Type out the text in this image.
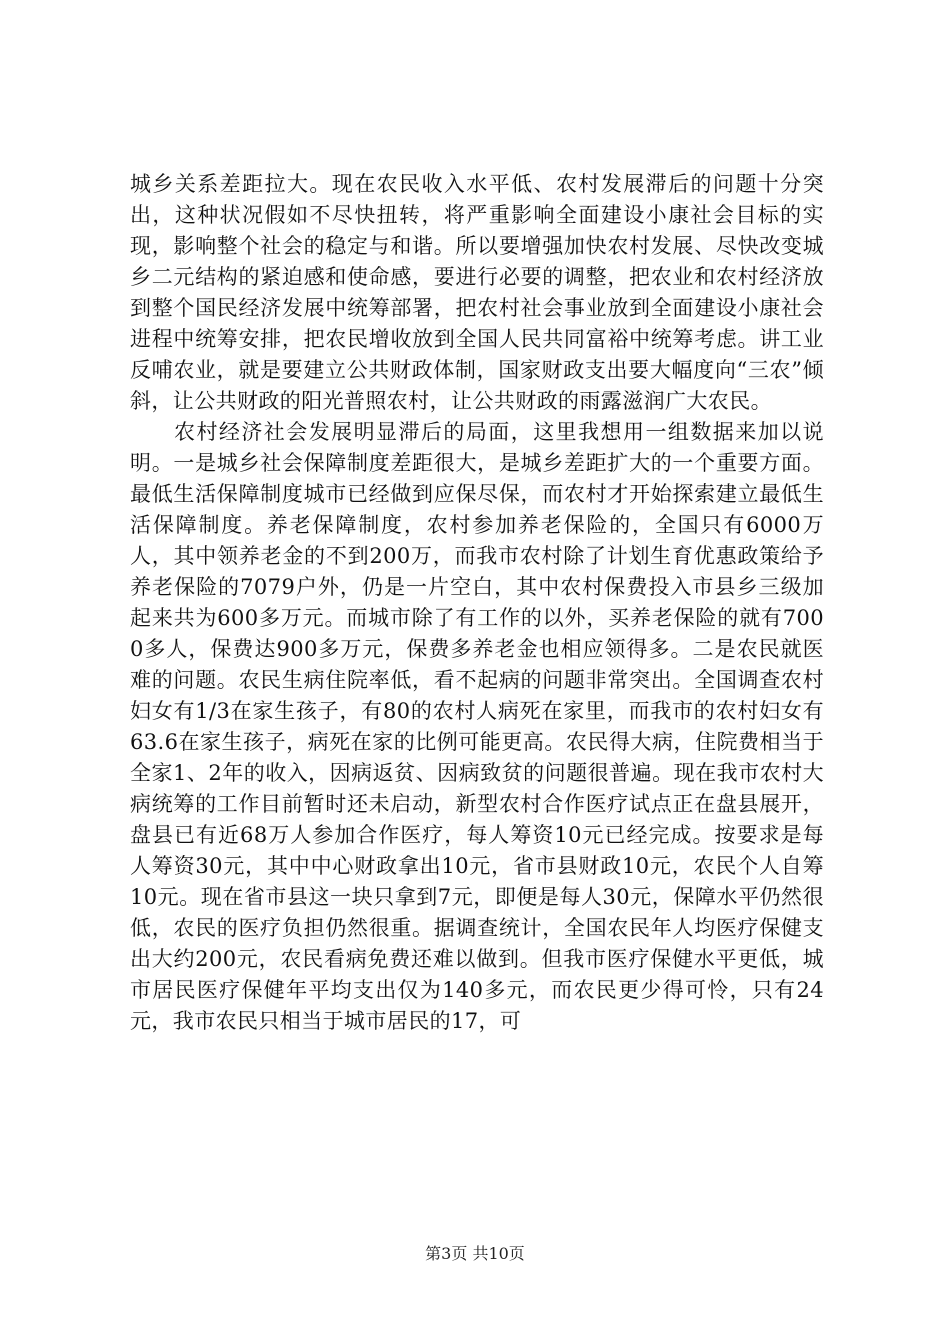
城乡关系差距拉大。现在农民收入水平低、农村发展滞后的问题十分突出，这种状况假如不尽快扭转，将严重影响全面建设小康社会目标的实现，影响整个社会的稳定与和谐。所以要增强加快农村发展、尽快改变城乡二元结构的紧迫感和使命感，要进行必要的调整，把农业和农村经济放到整个国民经济发展中统筹部署，把农村社会事业放到全面建设小康社会进程中统筹安排，把农民增收放到全国人民共同富裕中统筹考虑。讲工业反哺农业，就是要建立公共财政体制，国家财政支出要大幅度向“三农”倾斜，让公共财政的阳光普照农村，让公共财政的雨露滋润广大农民。

农村经济社会发展明显滞后的局面，这里我想用一组数据来加以说明。一是城乡社会保障制度差距很大，是城乡差距扩大的一个重要方面。最低生活保障制度城市已经做到应保尽保，而农村才开始探索建立最低生活保障制度。养老保障制度，农村参加养老保险的，全国只有6000万人，其中领养老金的不到200万，而我市农村除了计划生育优惠政策给予养老保险的7079户外，仍是一片空白，其中农村保费投入市县乡三级加起来共为600多万元。而城市除了有工作的以外，买养老保险的就有7000多人，保费达900多万元，保费多养老金也相应领得多。二是农民就医难的问题。农民生病住院率低，看不起病的问题非常突出。全国调查农村妇女有1/3在家生孩子，有80的农村人病死在家里，而我市的农村妇女有63.6在家生孩子，病死在家的比例可能更高。农民得大病，住院费相当于全家1、2年的收入，因病返贫、因病致贫的问题很普遍。现在我市农村大病统筹的工作目前暂时还未启动，新型农村合作医疗试点正在盘县展开，盘县已有近68万人参加合作医疗，每人筹资10元已经完成。按要求是每人筹资30元，其中中心财政拿出10元，省市县财政10元，农民个人自筹10元。现在省市县这一块只拿到7元，即便是每人30元，保障水平仍然很低，农民的医疗负担仍然很重。据调查统计，全国农民年人均医疗保健支出大约200元，农民看病免费还难以做到。但我市医疗保健水平更低，城市居民医疗保健年平均支出仅为140多元，而农民更少得可怜，只有24元，我市农民只相当于城市居民的17，可

第3页 共10页
